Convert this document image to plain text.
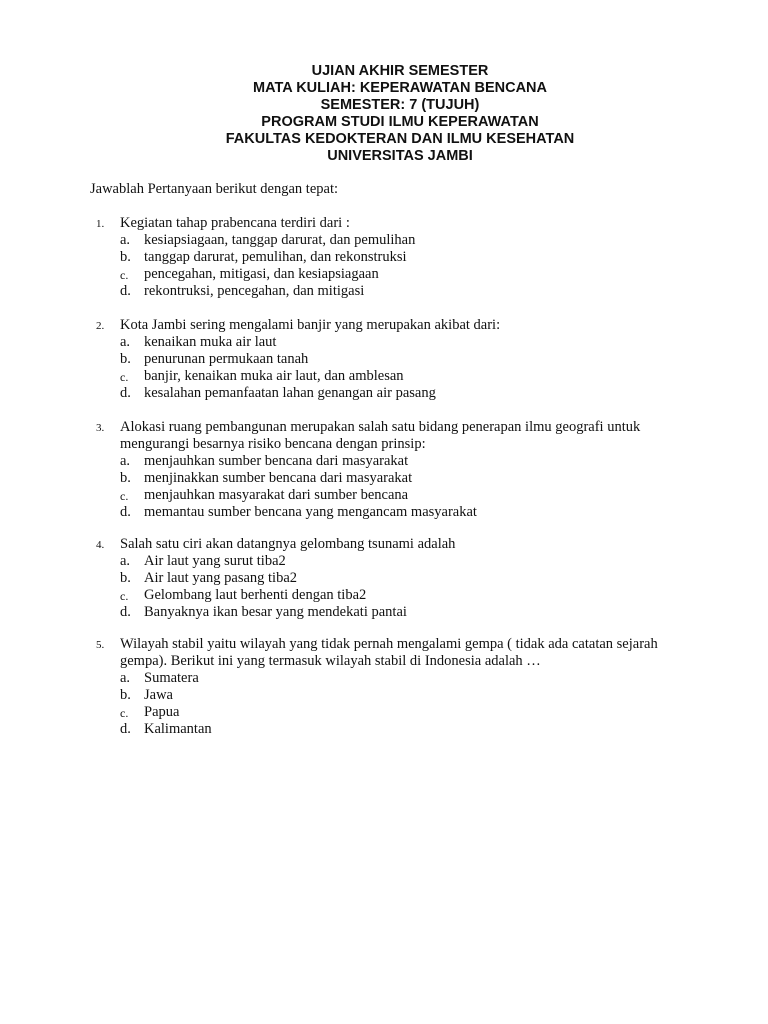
UJIAN AKHIR SEMESTER
MATA KULIAH: KEPERAWATAN BENCANA
SEMESTER: 7 (TUJUH)
PROGRAM STUDI ILMU KEPERAWATAN
FAKULTAS KEDOKTERAN DAN ILMU KESEHATAN
UNIVERSITAS JAMBI
Jawablah Pertanyaan berikut dengan tepat:
1. Kegiatan tahap prabencana terdiri dari :
a. kesiapsiagaan, tanggap darurat, dan pemulihan
b. tanggap darurat, pemulihan, dan rekonstruksi
c. pencegahan, mitigasi, dan kesiapsiagaan
d. rekontruksi, pencegahan, dan mitigasi
2. Kota Jambi sering mengalami banjir yang merupakan akibat dari:
a. kenaikan muka air laut
b. penurunan permukaan tanah
c. banjir, kenaikan muka air laut, dan amblesan
d. kesalahan pemanfaatan lahan genangan air pasang
3. Alokasi ruang pembangunan merupakan salah satu bidang penerapan ilmu geografi untuk
mengurangi besarnya risiko bencana dengan prinsip:
a. menjauhkan sumber bencana dari masyarakat
b. menjinakkan sumber bencana dari masyarakat
c. menjauhkan masyarakat dari sumber bencana
d. memantau sumber bencana yang mengancam masyarakat
4. Salah satu ciri akan datangnya gelombang tsunami adalah
a. Air laut yang surut tiba2
b. Air laut yang pasang tiba2
c. Gelombang laut berhenti dengan tiba2
d. Banyaknya ikan besar yang mendekati pantai
5. Wilayah stabil yaitu wilayah yang tidak pernah mengalami gempa ( tidak ada catatan sejarah
gempa). Berikut ini yang termasuk wilayah stabil di Indonesia adalah …
a. Sumatera
b. Jawa
c. Papua
d. Kalimantan
